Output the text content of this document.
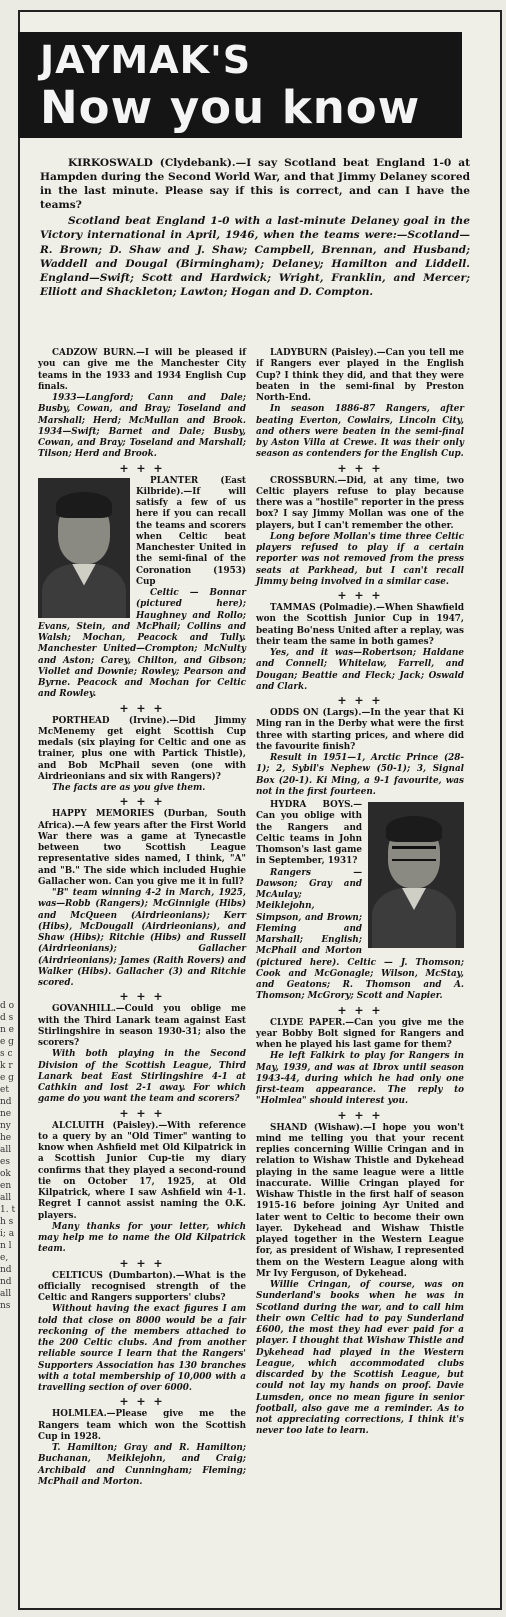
JAYMAK'S
Now you know

KIRKOSWALD (Clydebank).—I say Scotland beat England 1-0 at Hampden during the Second World War, and that Jimmy Delaney scored in the last minute. Please say if this is correct, and can I have the teams?

Scotland beat England 1-0 with a last-minute Delaney goal in the Victory international in April, 1946, when the teams were:—Scotland—R. Brown; D. Shaw and J. Shaw; Campbell, Brennan, and Husband; Waddell and Dougal (Birmingham); Delaney; Hamilton and Liddell. England—Swift; Scott and Hardwick; Wright, Franklin, and Mercer; Elliott and Shackleton; Lawton; Hogan and D. Compton.

CADZOW BURN.—I will be pleased if you can give me the Manchester City teams in the 1933 and 1934 English Cup finals.

1933—Langford; Cann and Dale; Busby, Cowan, and Bray; Toseland and Marshall; Herd; McMullan and Brook. 1934—Swift; Barnet and Dale; Busby, Cowan, and Bray; Toseland and Marshall; Tilson; Herd and Brook.

+ + +

PLANTER (East Kilbride).—If will satisfy a few of us here if you can recall the teams and scorers when Celtic beat Manchester United in the semi-final of the Coronation (1953) Cup

Celtic — Bonnar (pictured here); Haughney and Rollo; Evans, Stein, and McPhail; Collins and Walsh; Mochan, Peacock and Tully. Manchester United—Crompton; McNulty and Aston; Carey, Chilton, and Gibson; Viollet and Downie; Rowley; Pearson and Byrne. Peacock and Mochan for Celtic and Rowley.

+ + +

PORTHEAD (Irvine).—Did Jimmy McMenemy get eight Scottish Cup medals (six playing for Celtic and one as trainer, plus one with Partick Thistle), and Bob McPhail seven (one with Airdrieonians and six with Rangers)?

The facts are as you give them.

+ + +

HAPPY MEMORIES (Durban, South Africa).—A few years after the First World War there was a game at Tynecastle between two Scottish League representative sides named, I think, "A" and "B." The side which included Hughie Gallacher won. Can you give me it in full?

"B" team winning 4-2 in March, 1925, was—Robb (Rangers); McGinnigle (Hibs) and McQueen (Airdrieonians); Kerr (Hibs), McDougall (Airdrieonians), and Shaw (Hibs); Ritchie (Hibs) and Russell (Airdrieonians); Gallacher (Airdrieonians); James (Raith Rovers) and Walker (Hibs). Gallacher (3) and Ritchie scored.

+ + +

GOVANHILL.—Could you oblige me with the Third Lanark team against East Stirlingshire in season 1930-31; also the scorers?

With both playing in the Second Division of the Scottish League, Third Lanark beat East Stirlingshire 4-1 at Cathkin and lost 2-1 away. For which game do you want the team and scorers?

+ + +

ALCLUITH (Paisley).—With reference to a query by an "Old Timer" wanting to know when Ashfield met Old Kilpatrick in a Scottish Junior Cup-tie my diary confirms that they played a second-round tie on October 17, 1925, at Old Kilpatrick, where I saw Ashfield win 4-1. Regret I cannot assist naming the O.K. players.

Many thanks for your letter, which may help me to name the Old Kilpatrick team.

+ + +

CELTICUS (Dumbarton).—What is the officially recognised strength of the Celtic and Rangers supporters' clubs?

Without having the exact figures I am told that close on 8000 would be a fair reckoning of the members attached to the 200 Celtic clubs. And from another reliable source I learn that the Rangers' Supporters Association has 130 branches with a total membership of 10,000 with a travelling section of over 6000.

+ + +

HOLMLEA.—Please give me the Rangers team which won the Scottish Cup in 1928.

T. Hamilton; Gray and R. Hamilton; Buchanan, Meiklejohn, and Craig; Archibald and Cunningham; Fleming; McPhail and Morton.

LADYBURN (Paisley).—Can you tell me if Rangers ever played in the English Cup? I think they did, and that they were beaten in the semi-final by Preston North-End.

In season 1886-87 Rangers, after beating Everton, Cowlairs, Lincoln City, and others were beaten in the semi-final by Aston Villa at Crewe. It was their only season as contenders for the English Cup.

+ + +

CROSSBURN.—Did, at any time, two Celtic players refuse to play because there was a "hostile" reporter in the press box? I say Jimmy Mollan was one of the players, but I can't remember the other.

Long before Mollan's time three Celtic players refused to play if a certain reporter was not removed from the press seats at Parkhead, but I can't recall Jimmy being involved in a similar case.

+ + +

TAMMAS (Polmadie).—When Shawfield won the Scottish Junior Cup in 1947, beating Bo'ness United after a replay, was their team the same in both games?

Yes, and it was—Robertson; Haldane and Connell; Whitelaw, Farrell, and Dougan; Beattie and Fleck; Jack; Oswald and Clark.

+ + +

ODDS ON (Largs).—In the year that Ki Ming ran in the Derby what were the first three with starting prices, and where did the favourite finish?

Result in 1951—1, Arctic Prince (28-1); 2, Sybil's Nephew (50-1); 3, Signal Box (20-1). Ki Ming, a 9-1 favourite, was not in the first fourteen.

HYDRA BOYS.—Can you oblige with the Rangers and Celtic teams in John Thomson's last game in September, 1931?

Rangers — Dawson; Gray and McAulay; Meiklejohn, Simpson, and Brown; Fleming and Marshall; English; McPhail and Morton (pictured here). Celtic — J. Thomson; Cook and McGonagle; Wilson, McStay, and Geatons; R. Thomson and A. Thomson; McGrory; Scott and Napier.

+ + +

CLYDE PAPER.—Can you give me the year Bobby Bolt signed for Rangers and when he played his last game for them?

He left Falkirk to play for Rangers in May, 1939, and was at Ibrox until season 1943-44, during which he had only one first-team appearance. The reply to "Holmlea" should interest you.

+ + +

SHAND (Wishaw).—I hope you won't mind me telling you that your recent replies concerning Willie Cringan and in relation to Wishaw Thistle and Dykehead playing in the same league were a little inaccurate. Willie Cringan played for Wishaw Thistle in the first half of season 1915-16 before joining Ayr United and later went to Celtic to become their own layer. Dykehead and Wishaw Thistle played together in the Western League for, as president of Wishaw, I represented them on the Western League along with Mr Ivy Ferguson, of Dykehead.

Willie Cringan, of course, was on Sunderland's books when he was in Scotland during the war, and to call him their own Celtic had to pay Sunderland £600, the most they had ever paid for a player. I thought that Wishaw Thistle and Dykehead had played in the Western League, which accommodated clubs discarded by the Scottish League, but could not lay my hands on proof. Davie Lumsden, once no mean figure in senior football, also gave me a reminder. As to not appreciating corrections, I think it's never too late to learn.

d o d s n e e g s ck re g et nd ne ny he all es ok en all 1. th si; an le, nd nd all ns
